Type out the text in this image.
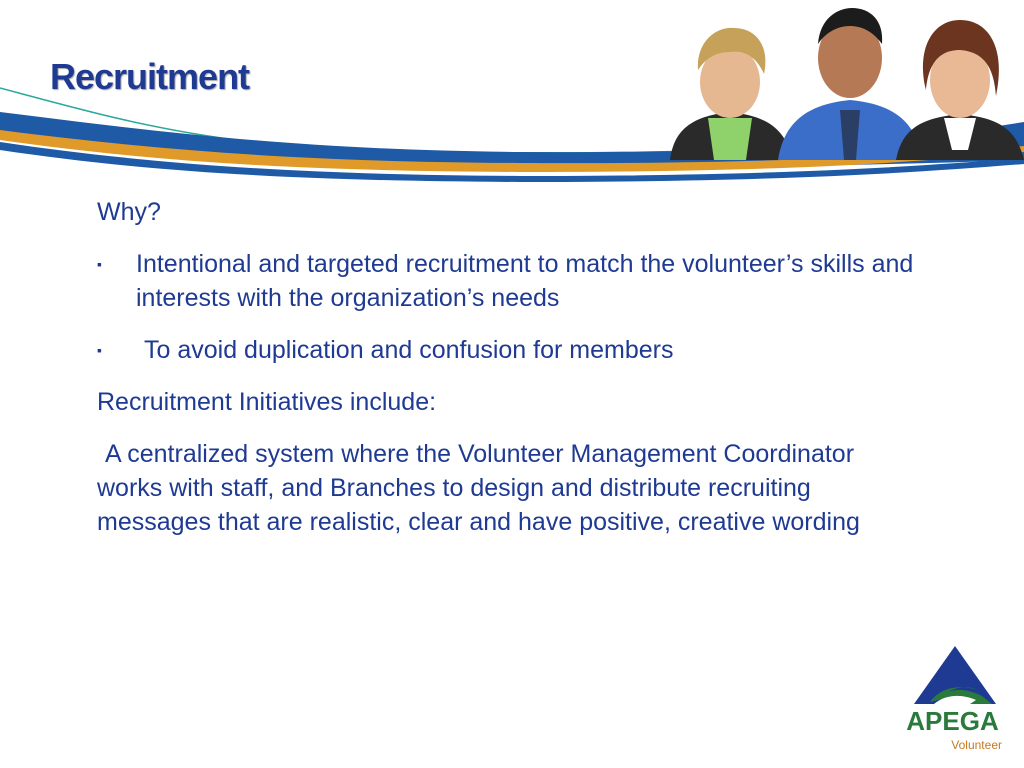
Recruitment

Why?

▪ Intentional and targeted recruitment to match the volunteer’s skills and interests with the organization’s needs
▪ To avoid duplication and confusion for members

Recruitment Initiatives include:

A centralized system where the Volunteer Management Coordinator works with staff, and Branches to design and distribute recruiting messages that are realistic, clear and have positive, creative wording

APEGA
Volunteer
